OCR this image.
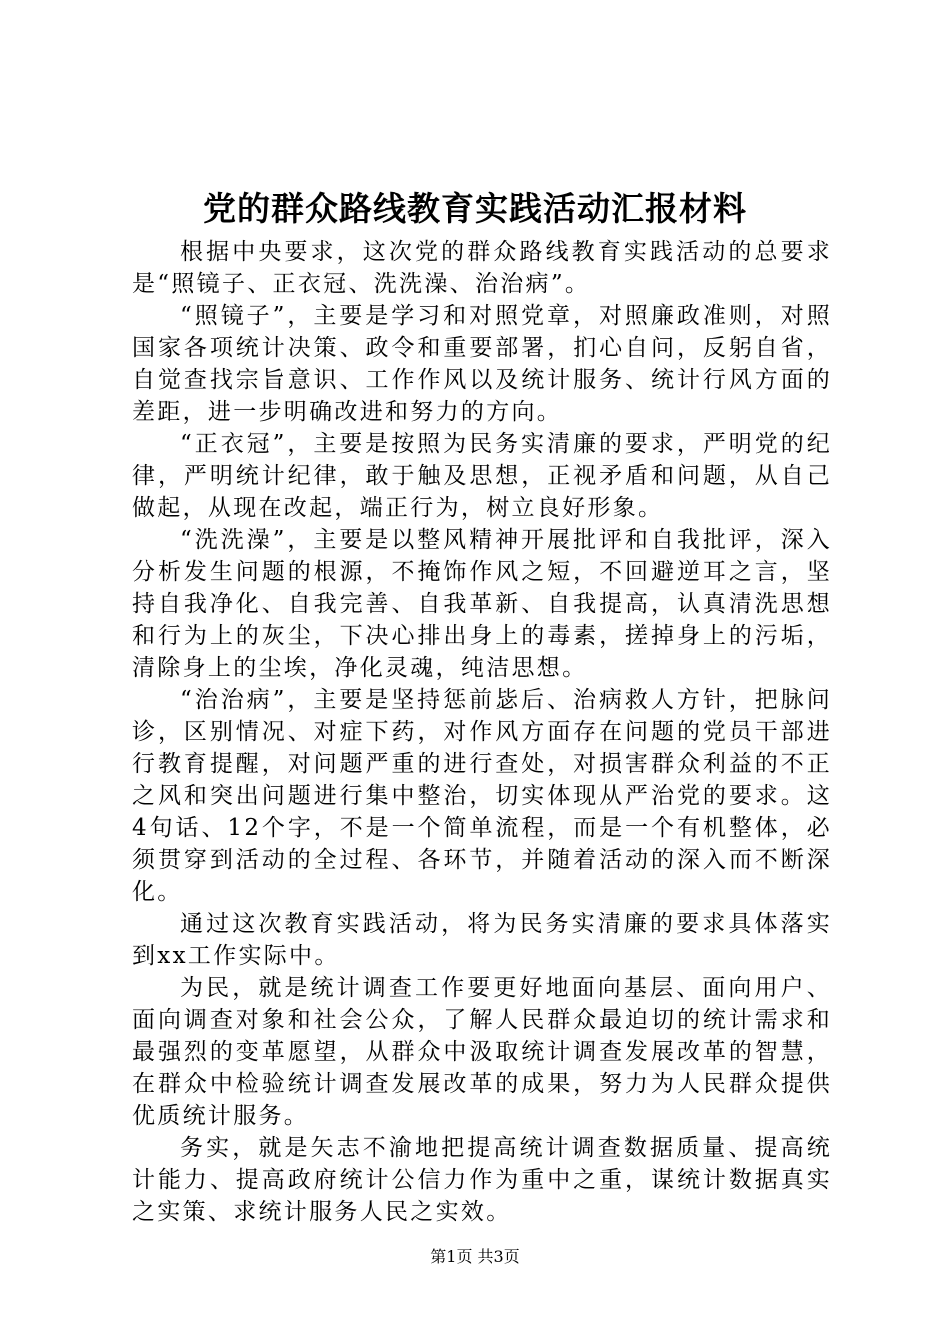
党的群众路线教育实践活动汇报材料

根据中央要求，这次党的群众路线教育实践活动的总要求是“照镜子、正衣冠、洗洗澡、治治病”。

“照镜子”，主要是学习和对照党章，对照廉政准则，对照国家各项统计决策、政令和重要部署，扪心自问，反躬自省，自觉查找宗旨意识、工作作风以及统计服务、统计行风方面的差距，进一步明确改进和努力的方向。

“正衣冠”，主要是按照为民务实清廉的要求，严明党的纪律，严明统计纪律，敢于触及思想，正视矛盾和问题，从自己做起，从现在改起，端正行为，树立良好形象。

“洗洗澡”，主要是以整风精神开展批评和自我批评，深入分析发生问题的根源，不掩饰作风之短，不回避逆耳之言，坚持自我净化、自我完善、自我革新、自我提高，认真清洗思想和行为上的灰尘，下决心排出身上的毒素，搓掉身上的污垢，清除身上的尘埃，净化灵魂，纯洁思想。

“治治病”，主要是坚持惩前毖后、治病救人方针，把脉问诊，区别情况、对症下药，对作风方面存在问题的党员干部进行教育提醒，对问题严重的进行查处，对损害群众利益的不正之风和突出问题进行集中整治，切实体现从严治党的要求。这4句话、12个字，不是一个简单流程，而是一个有机整体，必须贯穿到活动的全过程、各环节，并随着活动的深入而不断深化。

通过这次教育实践活动，将为民务实清廉的要求具体落实到xx工作实际中。

为民，就是统计调查工作要更好地面向基层、面向用户、面向调查对象和社会公众，了解人民群众最迫切的统计需求和最强烈的变革愿望，从群众中汲取统计调查发展改革的智慧，在群众中检验统计调查发展改革的成果，努力为人民群众提供优质统计服务。

务实，就是矢志不渝地把提高统计调查数据质量、提高统计能力、提高政府统计公信力作为重中之重，谋统计数据真实之实策、求统计服务人民之实效。

第1页 共3页
